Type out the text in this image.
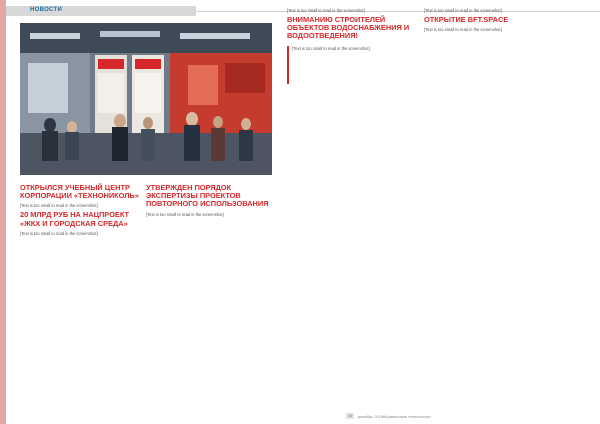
НОВОСТИ
ОТКРЫЛСЯ УЧЕБНЫЙ ЦЕНТР КОРПОРАЦИИ «ТЕХНОНИКОЛЬ»

[Text is too small to read in the screenshot]

20 МЛРД РУБ НА НАЦПРОЕКТ «ЖКХ И ГОРОДСКАЯ СРЕДА»

[Text is too small to read in the screenshot]

УТВЕРЖДЕН ПОРЯДОК ЭКСПЕРТИЗЫ ПРОЕКТОВ ПОВТОРНОГО ИСПОЛЬЗОВАНИЯ

[Text is too small to read in the screenshot]

[Text is too small to read in the screenshot]

ВНИМАНИЮ СТРОИТЕЛЕЙ ОБЪЕКТОВ ВОДОСНАБЖЕНИЯ И ВОДООТВЕДЕНИЯ!

[Text is too small to read in the screenshot]

[Text is too small to read in the screenshot]

ОТКРЫТИЕ BFT.SPACE

[Text is too small to read in the screenshot]

16	декабрь 2019
«Кровельные технологии»
